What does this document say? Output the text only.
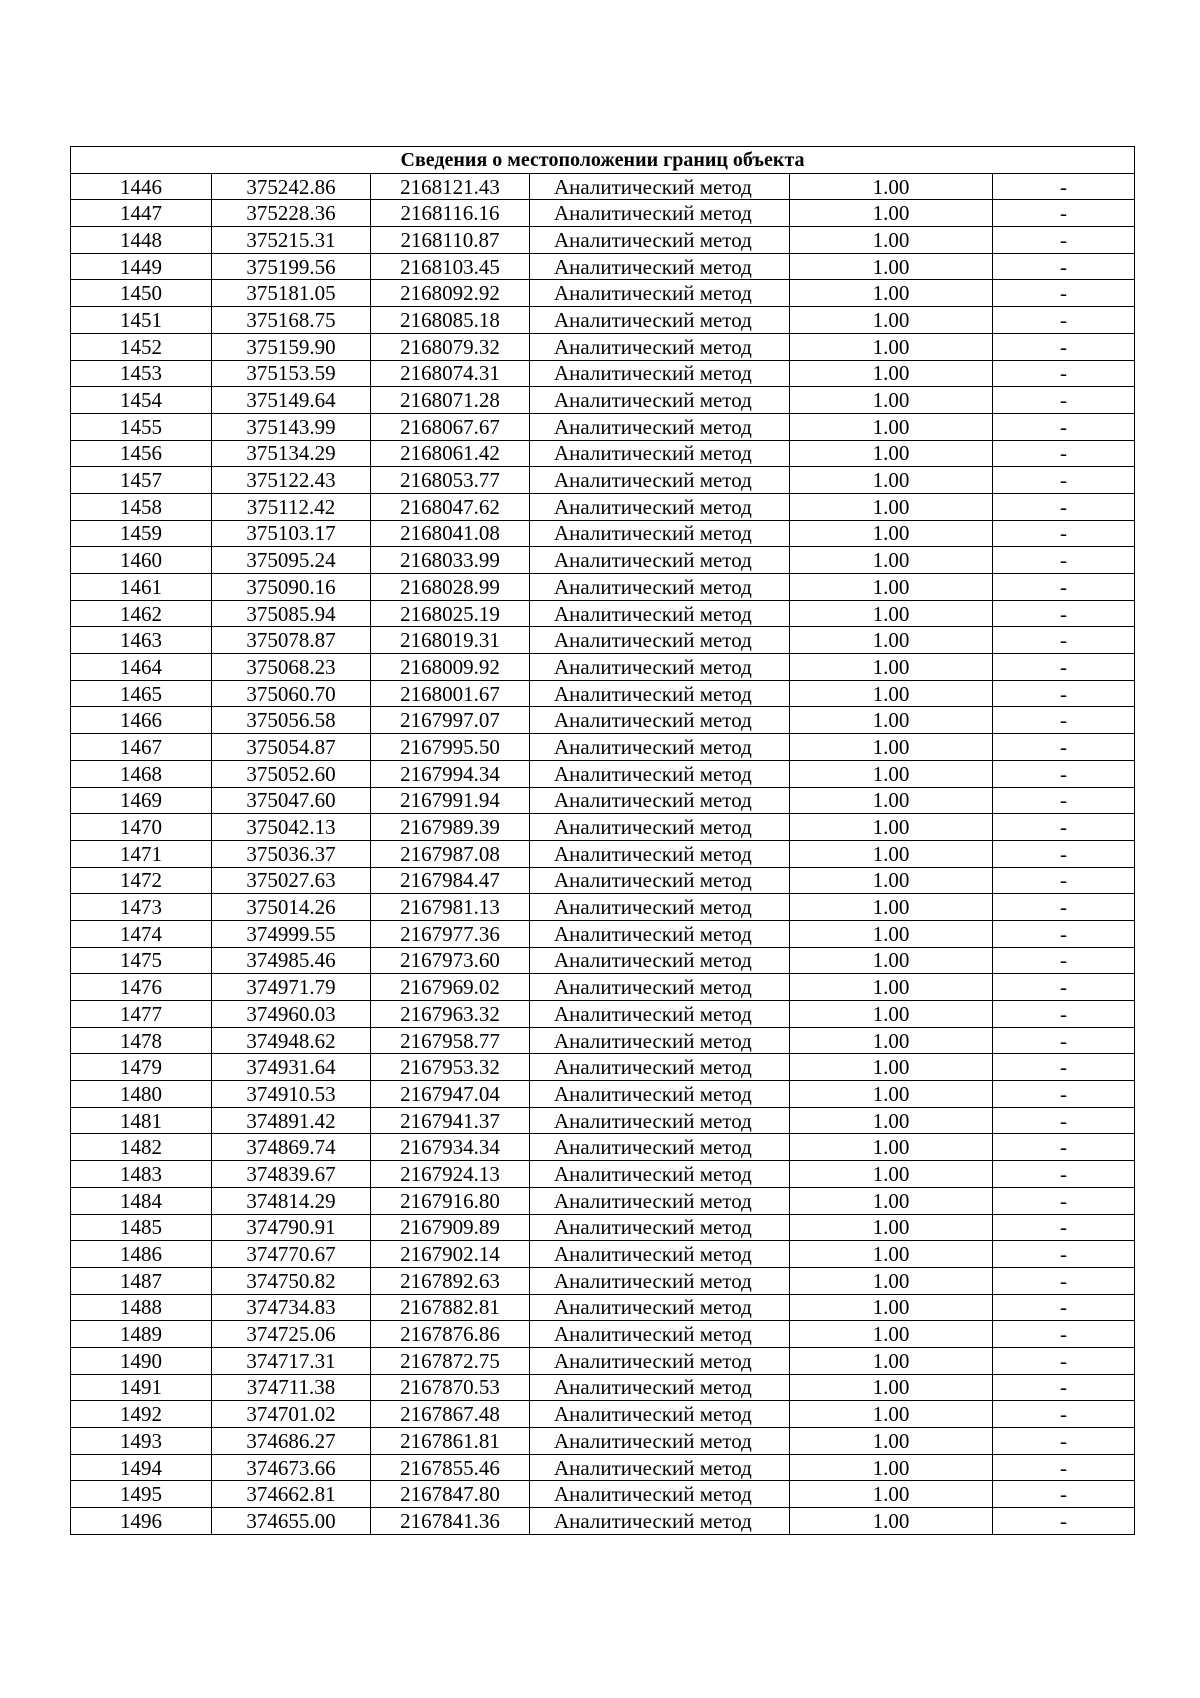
Сведения о местоположении границ объекта					
1446	375242.86	2168121.43	Аналитический метод	1.00	-
1447	375228.36	2168116.16	Аналитический метод	1.00	-
1448	375215.31	2168110.87	Аналитический метод	1.00	-
1449	375199.56	2168103.45	Аналитический метод	1.00	-
1450	375181.05	2168092.92	Аналитический метод	1.00	-
1451	375168.75	2168085.18	Аналитический метод	1.00	-
1452	375159.90	2168079.32	Аналитический метод	1.00	-
1453	375153.59	2168074.31	Аналитический метод	1.00	-
1454	375149.64	2168071.28	Аналитический метод	1.00	-
1455	375143.99	2168067.67	Аналитический метод	1.00	-
1456	375134.29	2168061.42	Аналитический метод	1.00	-
1457	375122.43	2168053.77	Аналитический метод	1.00	-
1458	375112.42	2168047.62	Аналитический метод	1.00	-
1459	375103.17	2168041.08	Аналитический метод	1.00	-
1460	375095.24	2168033.99	Аналитический метод	1.00	-
1461	375090.16	2168028.99	Аналитический метод	1.00	-
1462	375085.94	2168025.19	Аналитический метод	1.00	-
1463	375078.87	2168019.31	Аналитический метод	1.00	-
1464	375068.23	2168009.92	Аналитический метод	1.00	-
1465	375060.70	2168001.67	Аналитический метод	1.00	-
1466	375056.58	2167997.07	Аналитический метод	1.00	-
1467	375054.87	2167995.50	Аналитический метод	1.00	-
1468	375052.60	2167994.34	Аналитический метод	1.00	-
1469	375047.60	2167991.94	Аналитический метод	1.00	-
1470	375042.13	2167989.39	Аналитический метод	1.00	-
1471	375036.37	2167987.08	Аналитический метод	1.00	-
1472	375027.63	2167984.47	Аналитический метод	1.00	-
1473	375014.26	2167981.13	Аналитический метод	1.00	-
1474	374999.55	2167977.36	Аналитический метод	1.00	-
1475	374985.46	2167973.60	Аналитический метод	1.00	-
1476	374971.79	2167969.02	Аналитический метод	1.00	-
1477	374960.03	2167963.32	Аналитический метод	1.00	-
1478	374948.62	2167958.77	Аналитический метод	1.00	-
1479	374931.64	2167953.32	Аналитический метод	1.00	-
1480	374910.53	2167947.04	Аналитический метод	1.00	-
1481	374891.42	2167941.37	Аналитический метод	1.00	-
1482	374869.74	2167934.34	Аналитический метод	1.00	-
1483	374839.67	2167924.13	Аналитический метод	1.00	-
1484	374814.29	2167916.80	Аналитический метод	1.00	-
1485	374790.91	2167909.89	Аналитический метод	1.00	-
1486	374770.67	2167902.14	Аналитический метод	1.00	-
1487	374750.82	2167892.63	Аналитический метод	1.00	-
1488	374734.83	2167882.81	Аналитический метод	1.00	-
1489	374725.06	2167876.86	Аналитический метод	1.00	-
1490	374717.31	2167872.75	Аналитический метод	1.00	-
1491	374711.38	2167870.53	Аналитический метод	1.00	-
1492	374701.02	2167867.48	Аналитический метод	1.00	-
1493	374686.27	2167861.81	Аналитический метод	1.00	-
1494	374673.66	2167855.46	Аналитический метод	1.00	-
1495	374662.81	2167847.80	Аналитический метод	1.00	-
1496	374655.00	2167841.36	Аналитический метод	1.00	-
